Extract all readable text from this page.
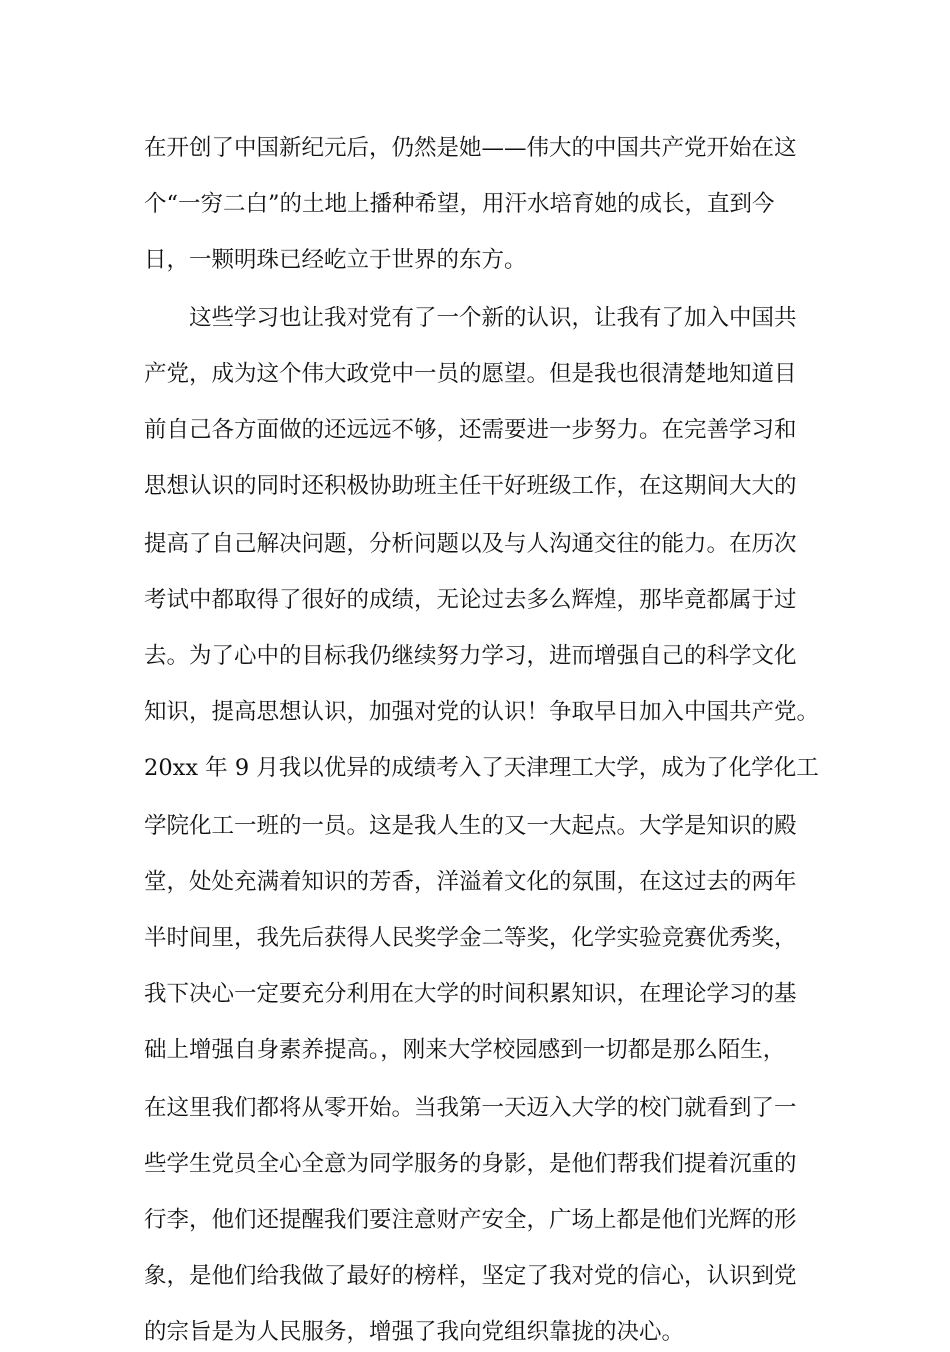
在开创了中国新纪元后，仍然是她——伟大的中国共产党开始在这
个“一穷二白”的土地上播种希望，用汗水培育她的成长，直到今
日，一颗明珠已经屹立于世界的东方。
这些学习也让我对党有了一个新的认识，让我有了加入中国共
产党，成为这个伟大政党中一员的愿望。但是我也很清楚地知道目
前自己各方面做的还远远不够，还需要进一步努力。在完善学习和
思想认识的同时还积极协助班主任干好班级工作，在这期间大大的
提高了自己解决问题，分析问题以及与人沟通交往的能力。在历次
考试中都取得了很好的成绩，无论过去多么辉煌，那毕竟都属于过
去。为了心中的目标我仍继续努力学习，进而增强自己的科学文化
知识，提高思想认识，加强对党的认识！争取早日加入中国共产党。
20xx 年 9 月我以优异的成绩考入了天津理工大学，成为了化学化工
学院化工一班的一员。这是我人生的又一大起点。大学是知识的殿
堂，处处充满着知识的芳香，洋溢着文化的氛围，在这过去的两年
半时间里，我先后获得人民奖学金二等奖，化学实验竞赛优秀奖，
我下决心一定要充分利用在大学的时间积累知识，在理论学习的基
础上增强自身素养提高。，刚来大学校园感到一切都是那么陌生，
在这里我们都将从零开始。当我第一天迈入大学的校门就看到了一
些学生党员全心全意为同学服务的身影，是他们帮我们提着沉重的
行李，他们还提醒我们要注意财产安全，广场上都是他们光辉的形
象，是他们给我做了最好的榜样，坚定了我对党的信心，认识到党
的宗旨是为人民服务，增强了我向党组织靠拢的决心。
